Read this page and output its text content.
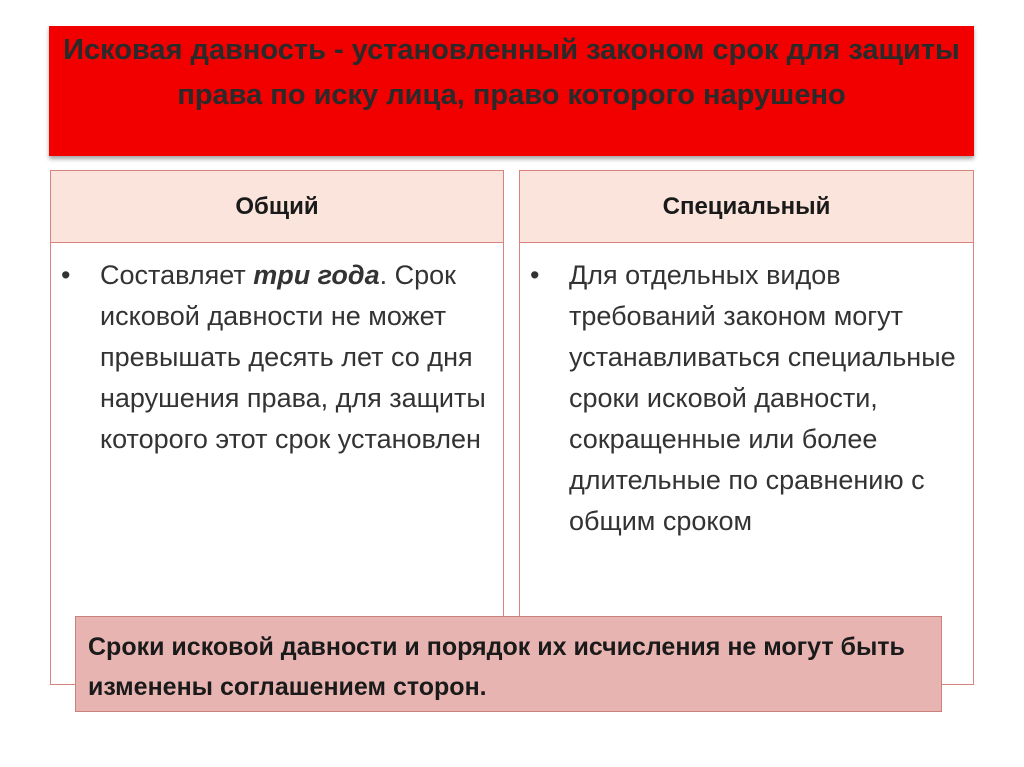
Исковая давность - установленный законом срок для защиты права по иску лица, право которого нарушено
Общий
• Составляет три года. Срок исковой давности не может превышать десять лет со дня нарушения права, для защиты которого этот срок установлен
Специальный
• Для отдельных видов требований законом могут устанавливаться специальные сроки исковой давности, сокращенные или более длительные по сравнению с общим сроком
Сроки исковой давности и порядок их исчисления не могут быть изменены соглашением сторон.
